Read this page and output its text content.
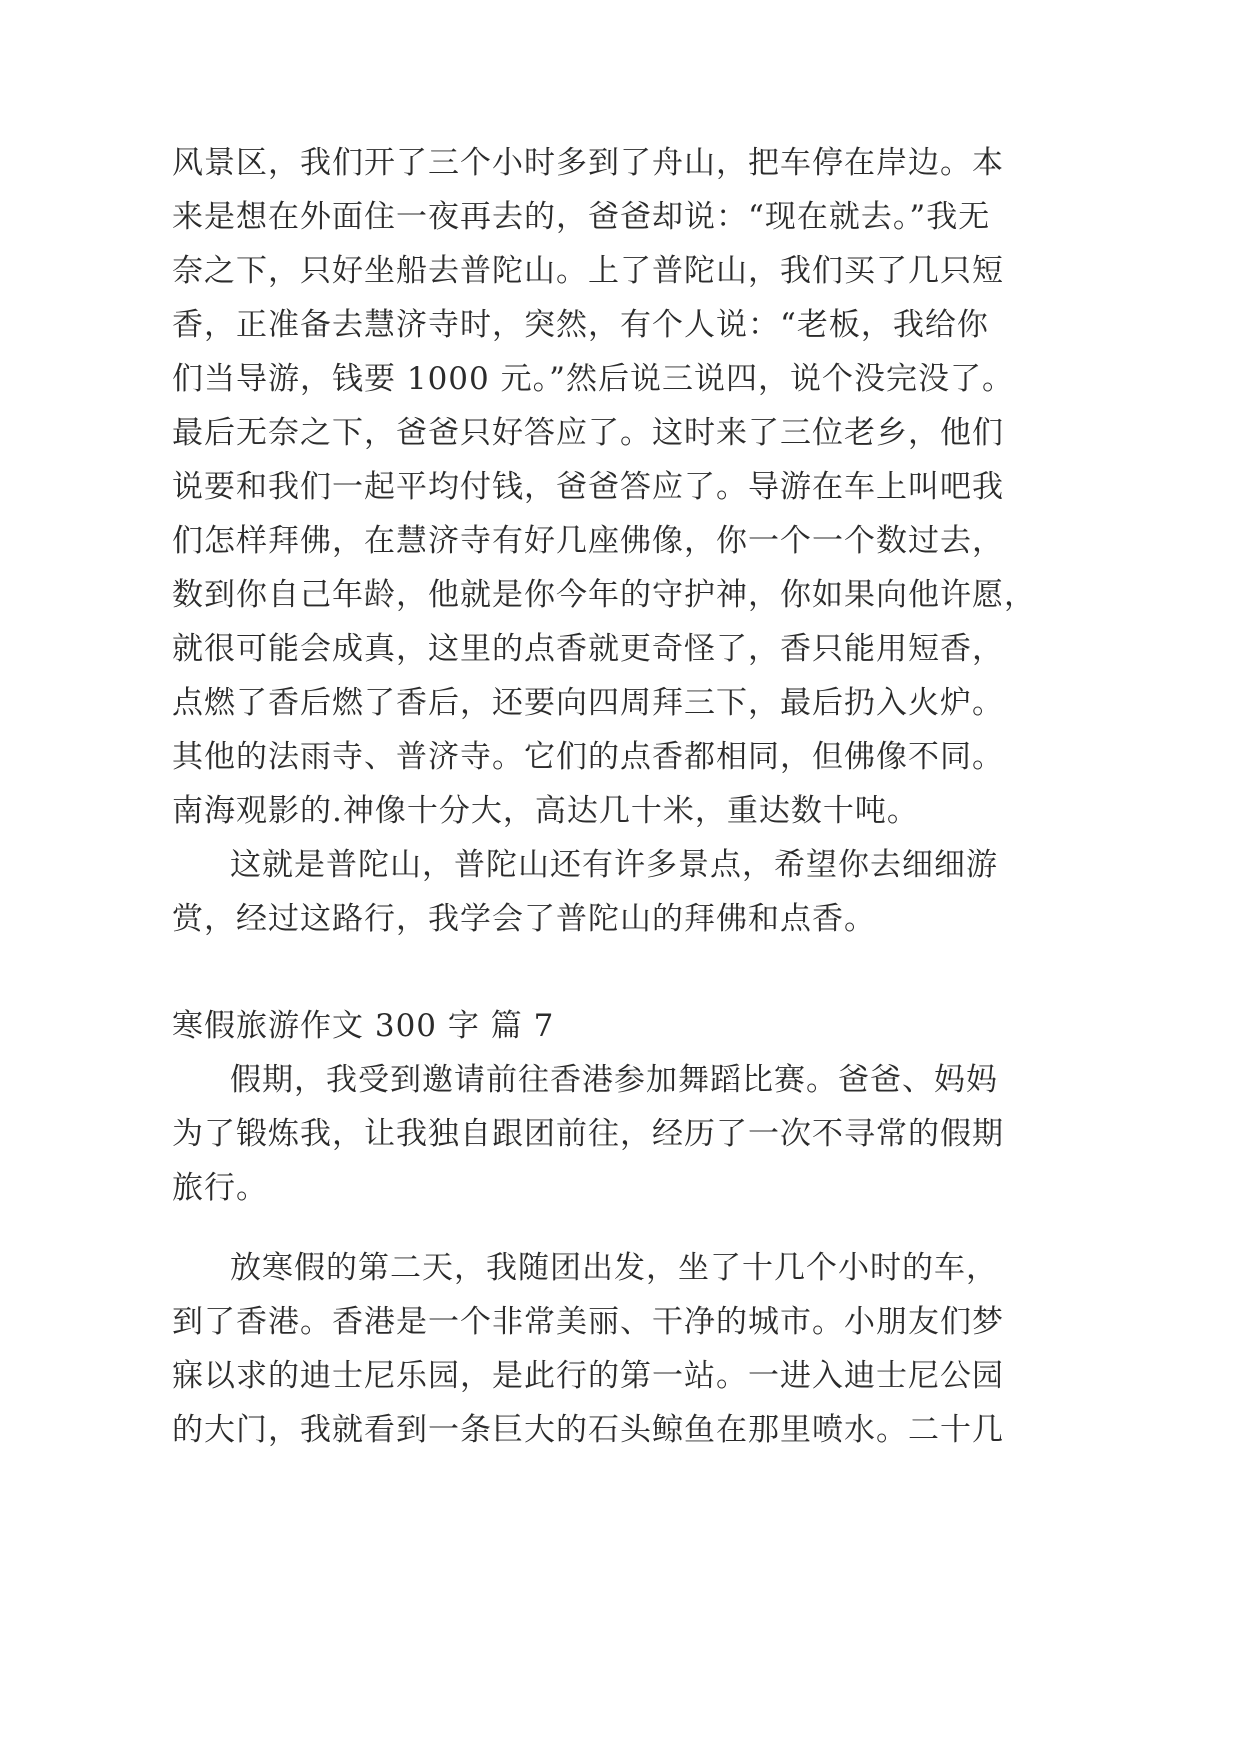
风景区，我们开了三个小时多到了舟山，把车停在岸边。本

来是想在外面住一夜再去的，爸爸却说：“现在就去。”我无

奈之下，只好坐船去普陀山。上了普陀山，我们买了几只短

香，正准备去慧济寺时，突然，有个人说：“老板，我给你

们当导游，钱要 1000 元。”然后说三说四，说个没完没了。

最后无奈之下，爸爸只好答应了。这时来了三位老乡，他们

说要和我们一起平均付钱，爸爸答应了。导游在车上叫吧我

们怎样拜佛，在慧济寺有好几座佛像，你一个一个数过去，

数到你自己年龄，他就是你今年的守护神，你如果向他许愿，

就很可能会成真，这里的点香就更奇怪了，香只能用短香，

点燃了香后燃了香后，还要向四周拜三下，最后扔入火炉。

其他的法雨寺、普济寺。它们的点香都相同，但佛像不同。

南海观影的.神像十分大，高达几十米，重达数十吨。

这就是普陀山，普陀山还有许多景点，希望你去细细游

赏，经过这路行，我学会了普陀山的拜佛和点香。

寒假旅游作文 300 字 篇 7

假期，我受到邀请前往香港参加舞蹈比赛。爸爸、妈妈

为了锻炼我，让我独自跟团前往，经历了一次不寻常的假期

旅行。

放寒假的第二天，我随团出发，坐了十几个小时的车，

到了香港。香港是一个非常美丽、干净的城市。小朋友们梦

寐以求的迪士尼乐园，是此行的第一站。一进入迪士尼公园

的大门，我就看到一条巨大的石头鲸鱼在那里喷水。二十几
